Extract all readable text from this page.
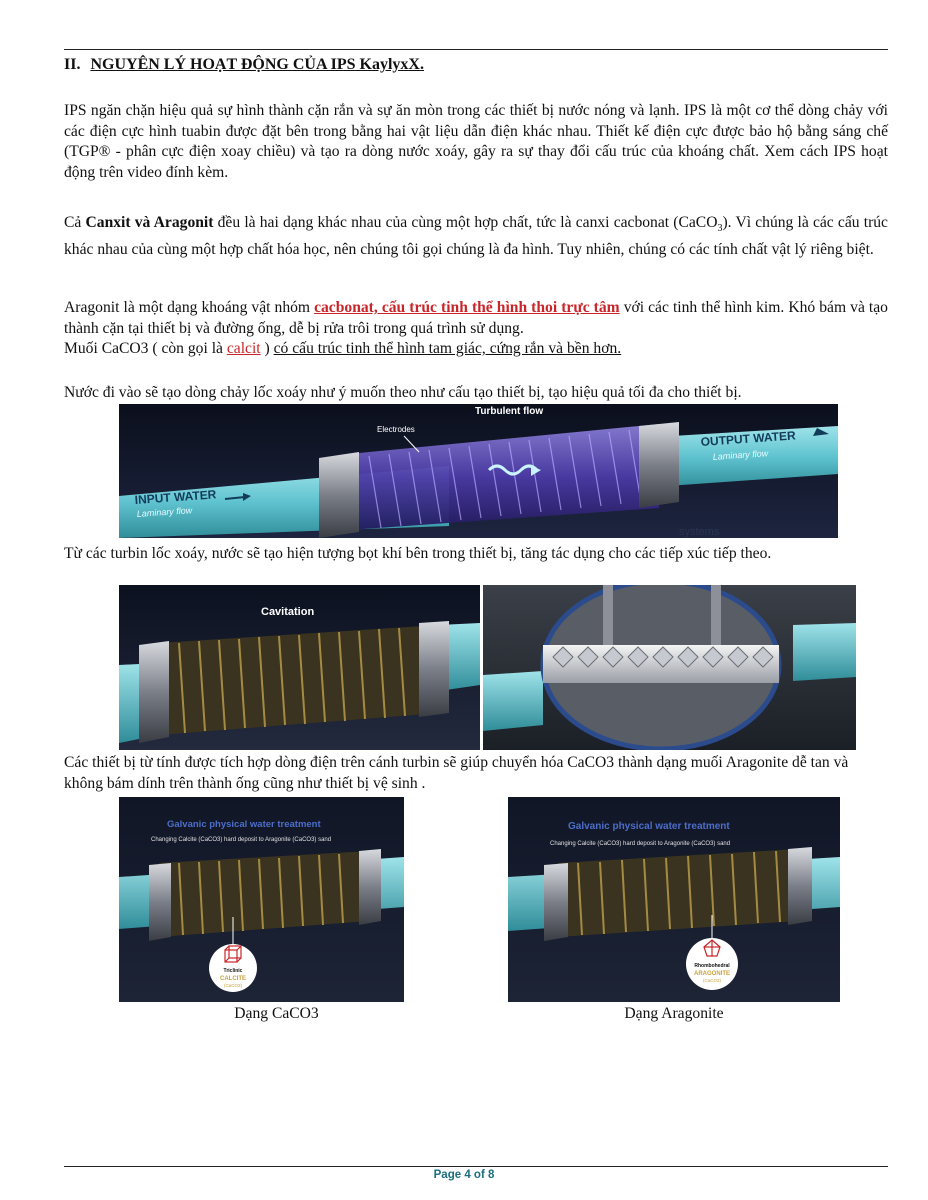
II. NGUYÊN LÝ HOẠT ĐỘNG CỦA IPS KaylyxX.
IPS ngăn chặn hiệu quả sự hình thành cặn rắn và sự ăn mòn trong các thiết bị nước nóng và lạnh. IPS là một cơ thể dòng chảy với các điện cực hình tuabin được đặt bên trong bằng hai vật liệu dẫn điện khác nhau. Thiết kế điện cực được bảo hộ bằng sáng chế (TGP® - phân cực điện xoay chiều) và tạo ra dòng nước xoáy, gây ra sự thay đổi cấu trúc của khoáng chất. Xem cách IPS hoạt động trên video đính kèm.
Cả Canxit và Aragonit đều là hai dạng khác nhau của cùng một hợp chất, tức là canxi cacbonat (CaCO$_3$). Vì chúng là các cấu trúc khác nhau của cùng một hợp chất hóa học, nên chúng tôi gọi chúng là đa hình. Tuy nhiên, chúng có các tính chất vật lý riêng biệt.
Aragonit là một dạng khoáng vật nhóm cacbonat, cấu trúc tinh thể hình thoi trực tâm với các tinh thể hình kim. Khó bám và tạo thành cặn tại thiết bị và đường ống, dễ bị rửa trôi trong quá trình sử dụng.
Muối CaCO3 ( còn gọi là calcit ) có cấu trúc tinh thể hình tam giác, cứng rắn và bền hơn.
Nước đi vào sẽ tạo dòng chảy lốc xoáy như ý muốn theo như cấu tạo thiết bị, tạo hiệu quả tối đa cho thiết bị.
Electrodes
Turbulent flow
OUTPUT WATER
Laminary flow
INPUT WATER
Laminary flow
systems
Từ các turbin lốc xoáy, nước sẽ tạo hiện tượng bọt khí bên trong thiết bị, tăng tác dụng cho các tiếp xúc tiếp theo.
Cavitation
Các thiết bị từ tính được tích hợp dòng điện trên cánh turbin sẽ giúp chuyển hóa CaCO3 thành dạng muối Aragonite dễ tan và không bám dính trên thành ống cũng như thiết bị vệ sinh .
Galvanic physical water treatment
Changing Calcite (CaCO3) hard deposit to Aragonite (CaCO3) sand
Triclinic
CALCITE
(CaCO3)
Galvanic physical water treatment
Changing Calcite (CaCO3) hard deposit to Aragonite (CaCO3) sand
Rhombohedral
ARAGONITE
(CaCO3)
Dạng CaCO3	Dạng Aragonite
Page 4 of 8
